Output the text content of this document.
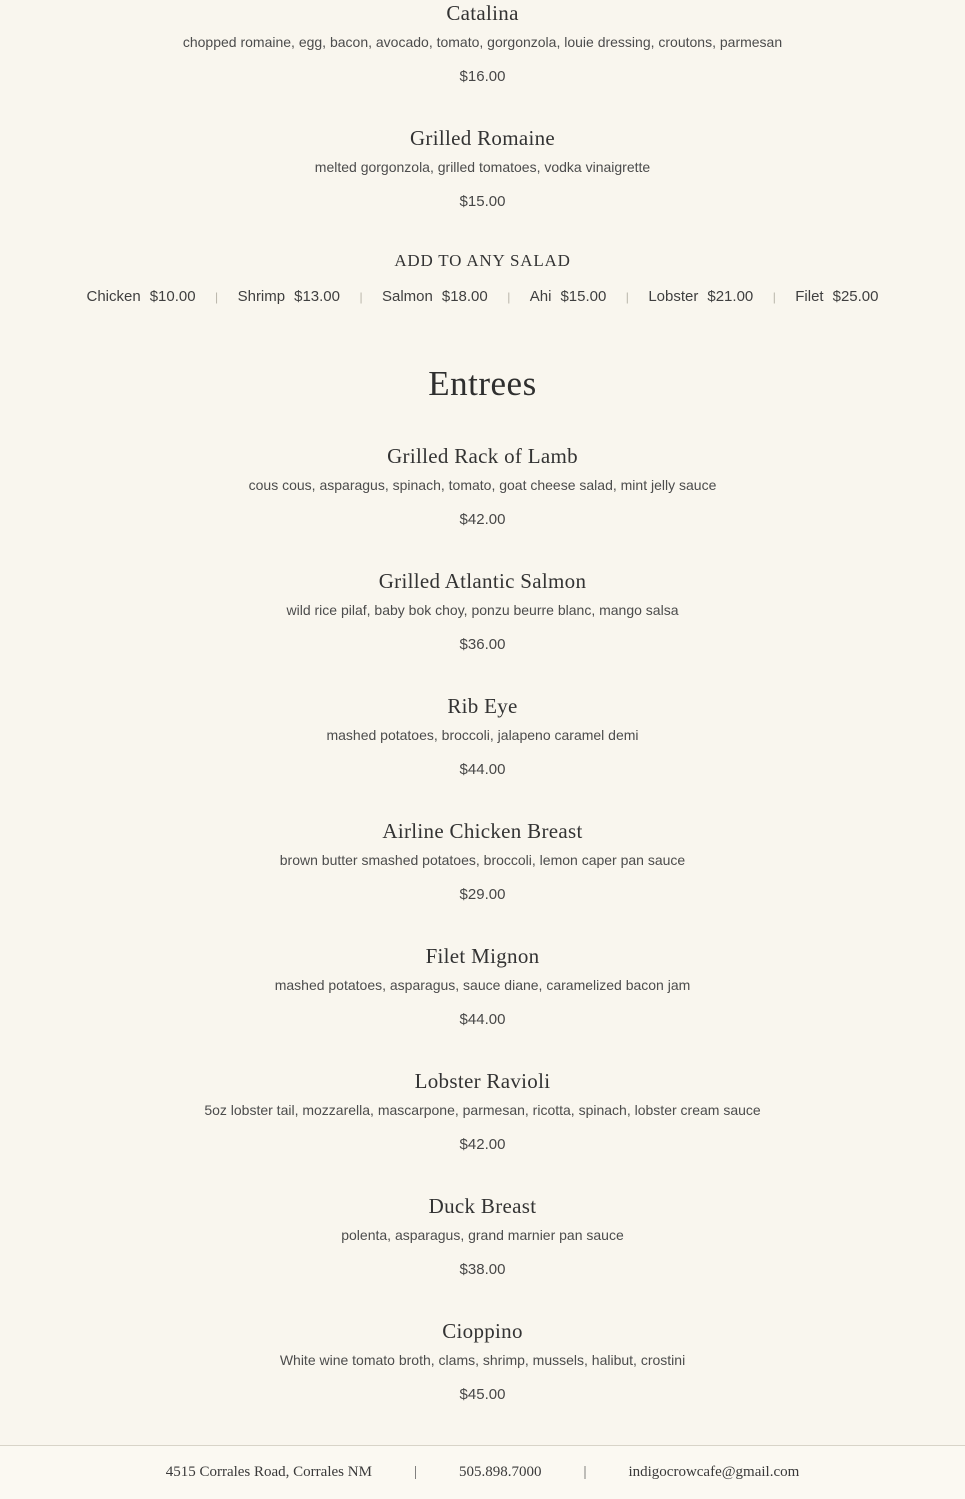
Catalina

chopped romaine, egg, bacon, avocado, tomato, gorgonzola, louie dressing, croutons, parmesan

$16.00

Grilled Romaine

melted gorgonzola, grilled tomatoes, vodka vinaigrette

$15.00

ADD TO ANY SALAD
Chicken $10.00 | Shrimp $13.00 | Salmon $18.00 | Ahi $15.00 | Lobster $21.00 | Filet $25.00
Entrees
Grilled Rack of Lamb

cous cous, asparagus, spinach, tomato, goat cheese salad, mint jelly sauce

$42.00

Grilled Atlantic Salmon

wild rice pilaf, baby bok choy, ponzu beurre blanc, mango salsa

$36.00

Rib Eye

mashed potatoes, broccoli, jalapeno caramel demi

$44.00

Airline Chicken Breast

brown butter smashed potatoes, broccoli, lemon caper pan sauce

$29.00

Filet Mignon

mashed potatoes, asparagus, sauce diane, caramelized bacon jam

$44.00

Lobster Ravioli

5oz lobster tail, mozzarella, mascarpone, parmesan, ricotta, spinach, lobster cream sauce

$42.00

Duck Breast

polenta, asparagus, grand marnier pan sauce

$38.00

Cioppino

White wine tomato broth, clams, shrimp, mussels, halibut, crostini

$45.00

4515 Corrales Road, Corrales NM	|	505.898.7000	|	indigocrowcafe@gmail.com
